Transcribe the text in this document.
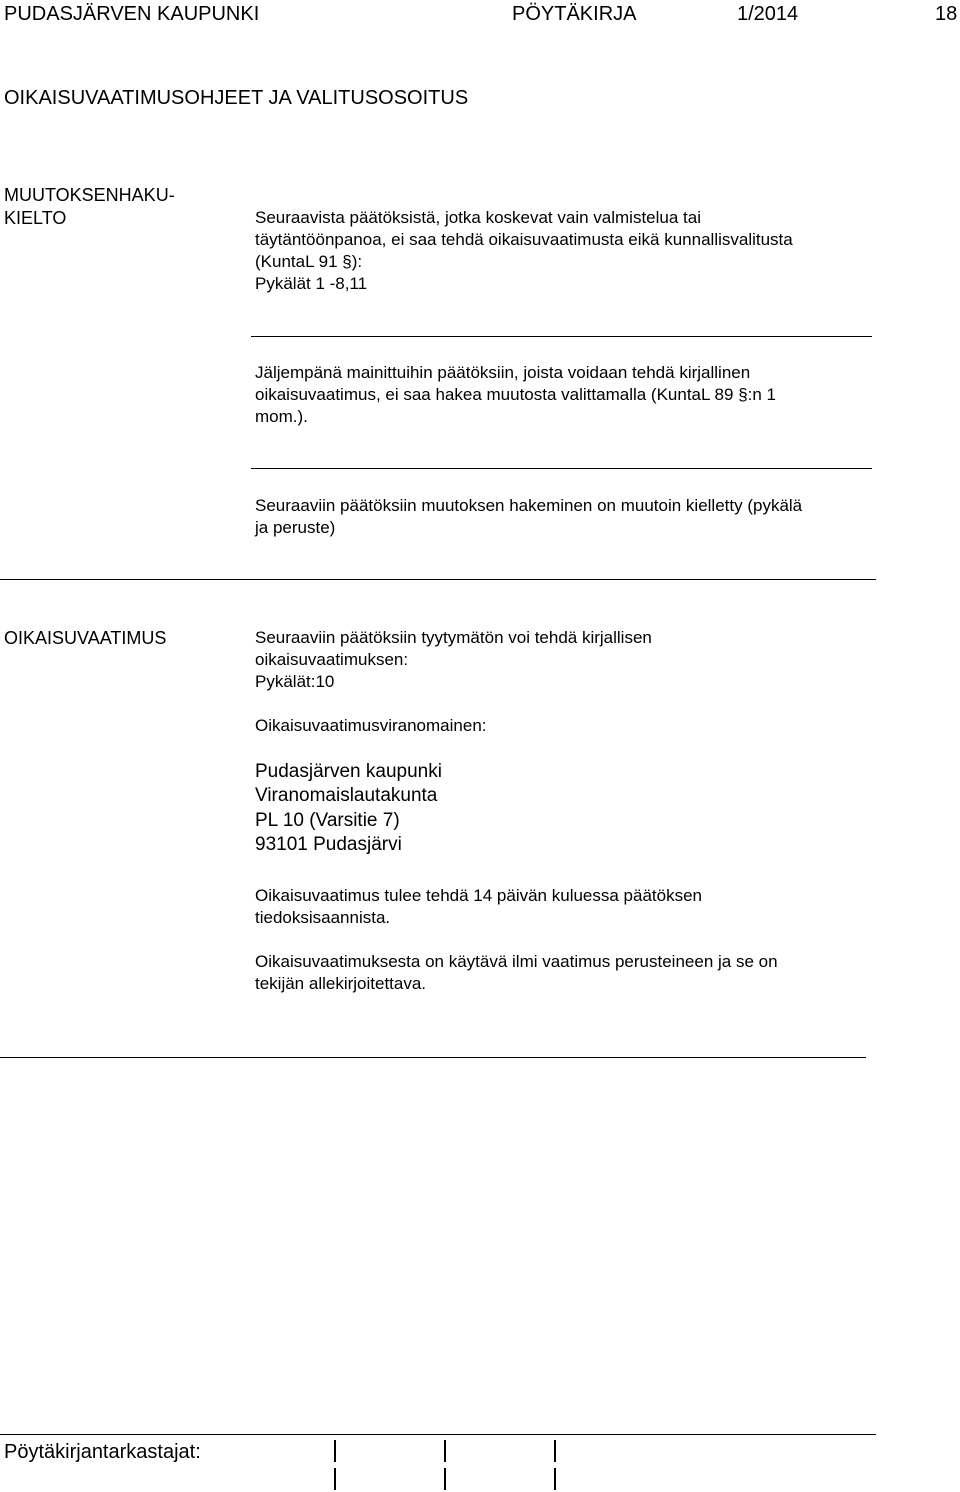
PUDASJÄRVEN KAUPUNKI	PÖYTÄKIRJA	1/2014	18
OIKAISUVAATIMUSOHJEET JA VALITUSOSOITUS
MUUTOKSENHAKU-
KIELTO	Seuraavista päätöksistä, jotka koskevat vain valmistelua tai
täytäntöönpanoa, ei saa tehdä oikaisuvaatimusta eikä kunnallisvalitusta
(KuntaL 91 §):
Pykälät 1 -8,11
Jäljempänä mainittuihin päätöksiin, joista voidaan tehdä kirjallinen
oikaisuvaatimus, ei saa hakea muutosta valittamalla (KuntaL 89 §:n 1
mom.).
Seuraaviin päätöksiin muutoksen hakeminen on muutoin kielletty (pykälä
ja peruste)
OIKAISUVAATIMUS	Seuraaviin päätöksiin tyytymätön voi tehdä kirjallisen
oikaisuvaatimuksen:
Pykälät:10
Oikaisuvaatimusviranomainen:
Pudasjärven kaupunki
Viranomaislautakunta
PL 10 (Varsitie 7)
93101 Pudasjärvi
Oikaisuvaatimus tulee tehdä 14 päivän kuluessa päätöksen
tiedoksisaannista.
Oikaisuvaatimuksesta on käytävä ilmi vaatimus perusteineen ja se on
tekijän allekirjoitettava.
Pöytäkirjantarkastajat:
